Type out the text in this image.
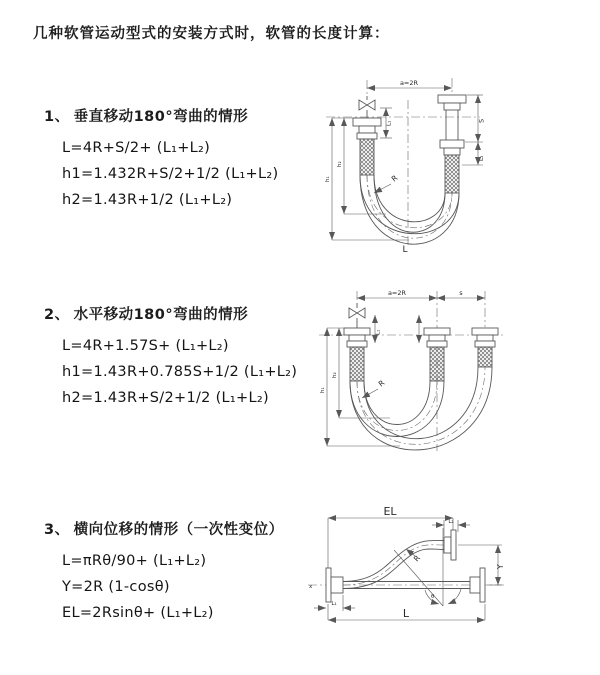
几种软管运动型式的安装方式时，软管的长度计算：
1、 垂直移动180°弯曲的情形
L=4R+S/2+ (L₁+L₂)
h1=1.432R+S/2+1/2 (L₁+L₂)
h2=1.43R+1/2 (L₁+L₂)
2、 水平移动180°弯曲的情形
L=4R+1.57S+ (L₁+L₂)
h1=1.43R+0.785S+1/2 (L₁+L₂)
h2=1.43R+S/2+1/2 (L₁+L₂)
3、 横向位移的情形（一次性变位）
L=πRθ/90+ (L₁+L₂)
Y=2R (1-cosθ)
EL=2Rsinθ+ (L₁+L₂)
a=2R
h₁
h₂
L₁	S
L₂
R
L
a=2R	s
h₁
h₂
L₁
R
x
EL
L₂
Y
θ
R
L₁
L
